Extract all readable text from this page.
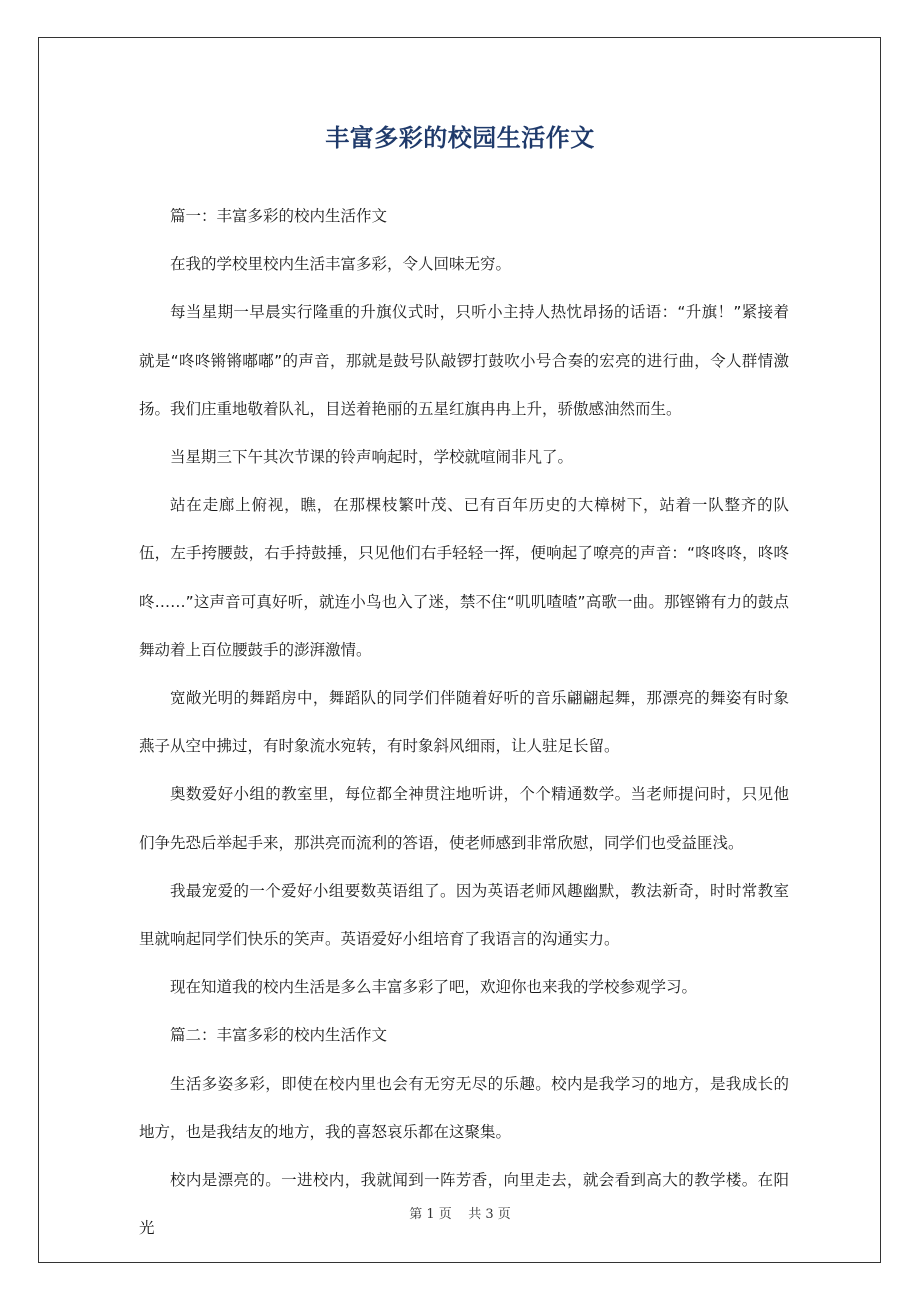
丰富多彩的校园生活作文

篇一：丰富多彩的校内生活作文

在我的学校里校内生活丰富多彩，令人回味无穷。

每当星期一早晨实行隆重的升旗仪式时，只听小主持人热忱昂扬的话语：“升旗！”紧接着就是“咚咚锵锵嘟嘟”的声音，那就是鼓号队敲锣打鼓吹小号合奏的宏亮的进行曲，令人群情激扬。我们庄重地敬着队礼，目送着艳丽的五星红旗冉冉上升，骄傲感油然而生。

当星期三下午其次节课的铃声响起时，学校就喧闹非凡了。

站在走廊上俯视，瞧，在那棵枝繁叶茂、已有百年历史的大樟树下，站着一队整齐的队伍，左手挎腰鼓，右手持鼓捶，只见他们右手轻轻一挥，便响起了嘹亮的声音：“咚咚咚，咚咚咚……”这声音可真好听，就连小鸟也入了迷，禁不住“叽叽喳喳”高歌一曲。那铿锵有力的鼓点舞动着上百位腰鼓手的澎湃激情。

宽敞光明的舞蹈房中，舞蹈队的同学们伴随着好听的音乐翩翩起舞，那漂亮的舞姿有时象燕子从空中拂过，有时象流水宛转，有时象斜风细雨，让人驻足长留。

奥数爱好小组的教室里，每位都全神贯注地听讲，个个精通数学。当老师提问时，只见他们争先恐后举起手来，那洪亮而流利的答语，使老师感到非常欣慰，同学们也受益匪浅。

我最宠爱的一个爱好小组要数英语组了。因为英语老师风趣幽默，教法新奇，时时常教室里就响起同学们快乐的笑声。英语爱好小组培育了我语言的沟通实力。

现在知道我的校内生活是多么丰富多彩了吧，欢迎你也来我的学校参观学习。

篇二：丰富多彩的校内生活作文

生活多姿多彩，即使在校内里也会有无穷无尽的乐趣。校内是我学习的地方，是我成长的地方，也是我结友的地方，我的喜怒哀乐都在这聚集。

校内是漂亮的。一进校内，我就闻到一阵芳香，向里走去，就会看到高大的教学楼。在阳光

第 1 页 共 3 页
